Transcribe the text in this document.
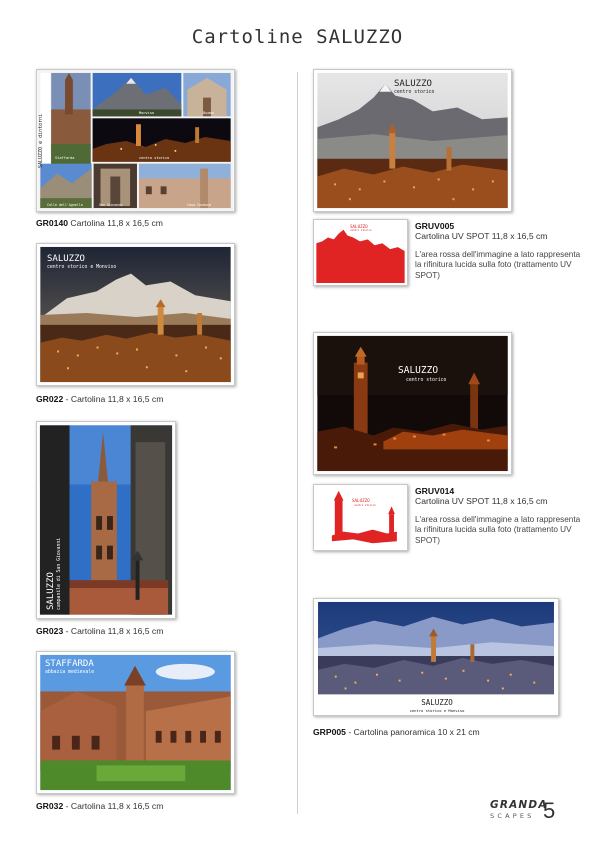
Cartoline SALUZZO
SALUZZO e dintorni
Monviso	Duomo
Staffarda	centro storico
Colle dell'Agnello	San Giovanni	Casa Cavassa
GR0140 Cartolina 11,8 x 16,5 cm
SALUZZO
centro storico e Monviso
GR022 - Cartolina 11,8 x 16,5 cm
SALUZZO campanile di San Giovanni
GR023 - Cartolina 11,8 x 16,5 cm
STAFFARDA
abbazia medievale
GR032 - Cartolina 11,8 x 16,5 cm
SALUZZO
centro storico
SALUZZO
centro storico	GRUV005
Cartolina UV SPOT 11,8 x 16,5 cm
L'area rossa dell'immagine a lato rappresenta la rifinitura lucida sulla foto (trattamento UV SPOT)
SALUZZO
centro storico
SALUZZO
centro storico
GRUV014
Cartolina UV SPOT 11,8 x 16,5 cm
L'area rossa dell'immagine a lato rappresenta la rifinitura lucida sulla foto (trattamento UV SPOT)
SALUZZO
centro storico e Monviso
GRP005 - Cartolina panoramica 10 x 21 cm
GRANDA
SCAPES 5
